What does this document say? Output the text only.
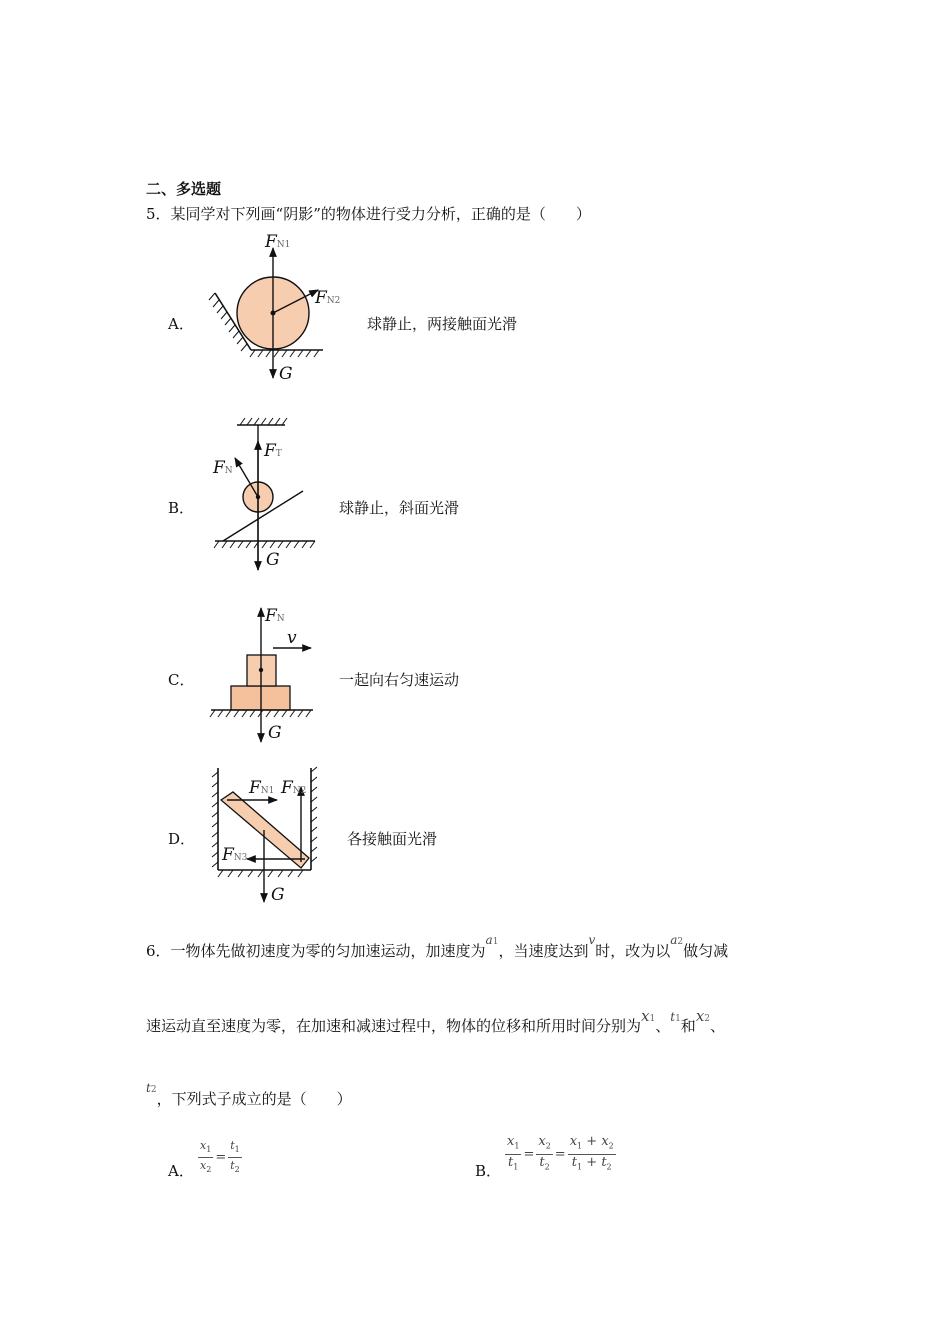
二、多选题
5．某同学对下列画“阴影”的物体进行受力分析，正确的是（　　）
A．
FN1
FN2
G
球静止，两接触面光滑
B．
FT
FN
G
球静止，斜面光滑
C．
FN
v
G
一起向右匀速运动
D．
FN1 FN2
FN3
G
各接触面光滑
6．一物体先做初速度为零的匀加速运动，加速度为$^{a1}$，当速度达到$^v$时，改为以$^{a2}$做匀减
速运动直至速度为零，在加速和减速过程中，物体的位移和所用时间分别为x1、$^{t1}$和x2、
$^{t2}$，下列式子成立的是（　　）
A． $\frac{x_1}{x_2} = \frac{t_1}{t_2}$	B． $\frac{x_1}{t_1} = \frac{x_2}{t_2} = \frac{x_1 + x_2}{t_1 + t_2}$
